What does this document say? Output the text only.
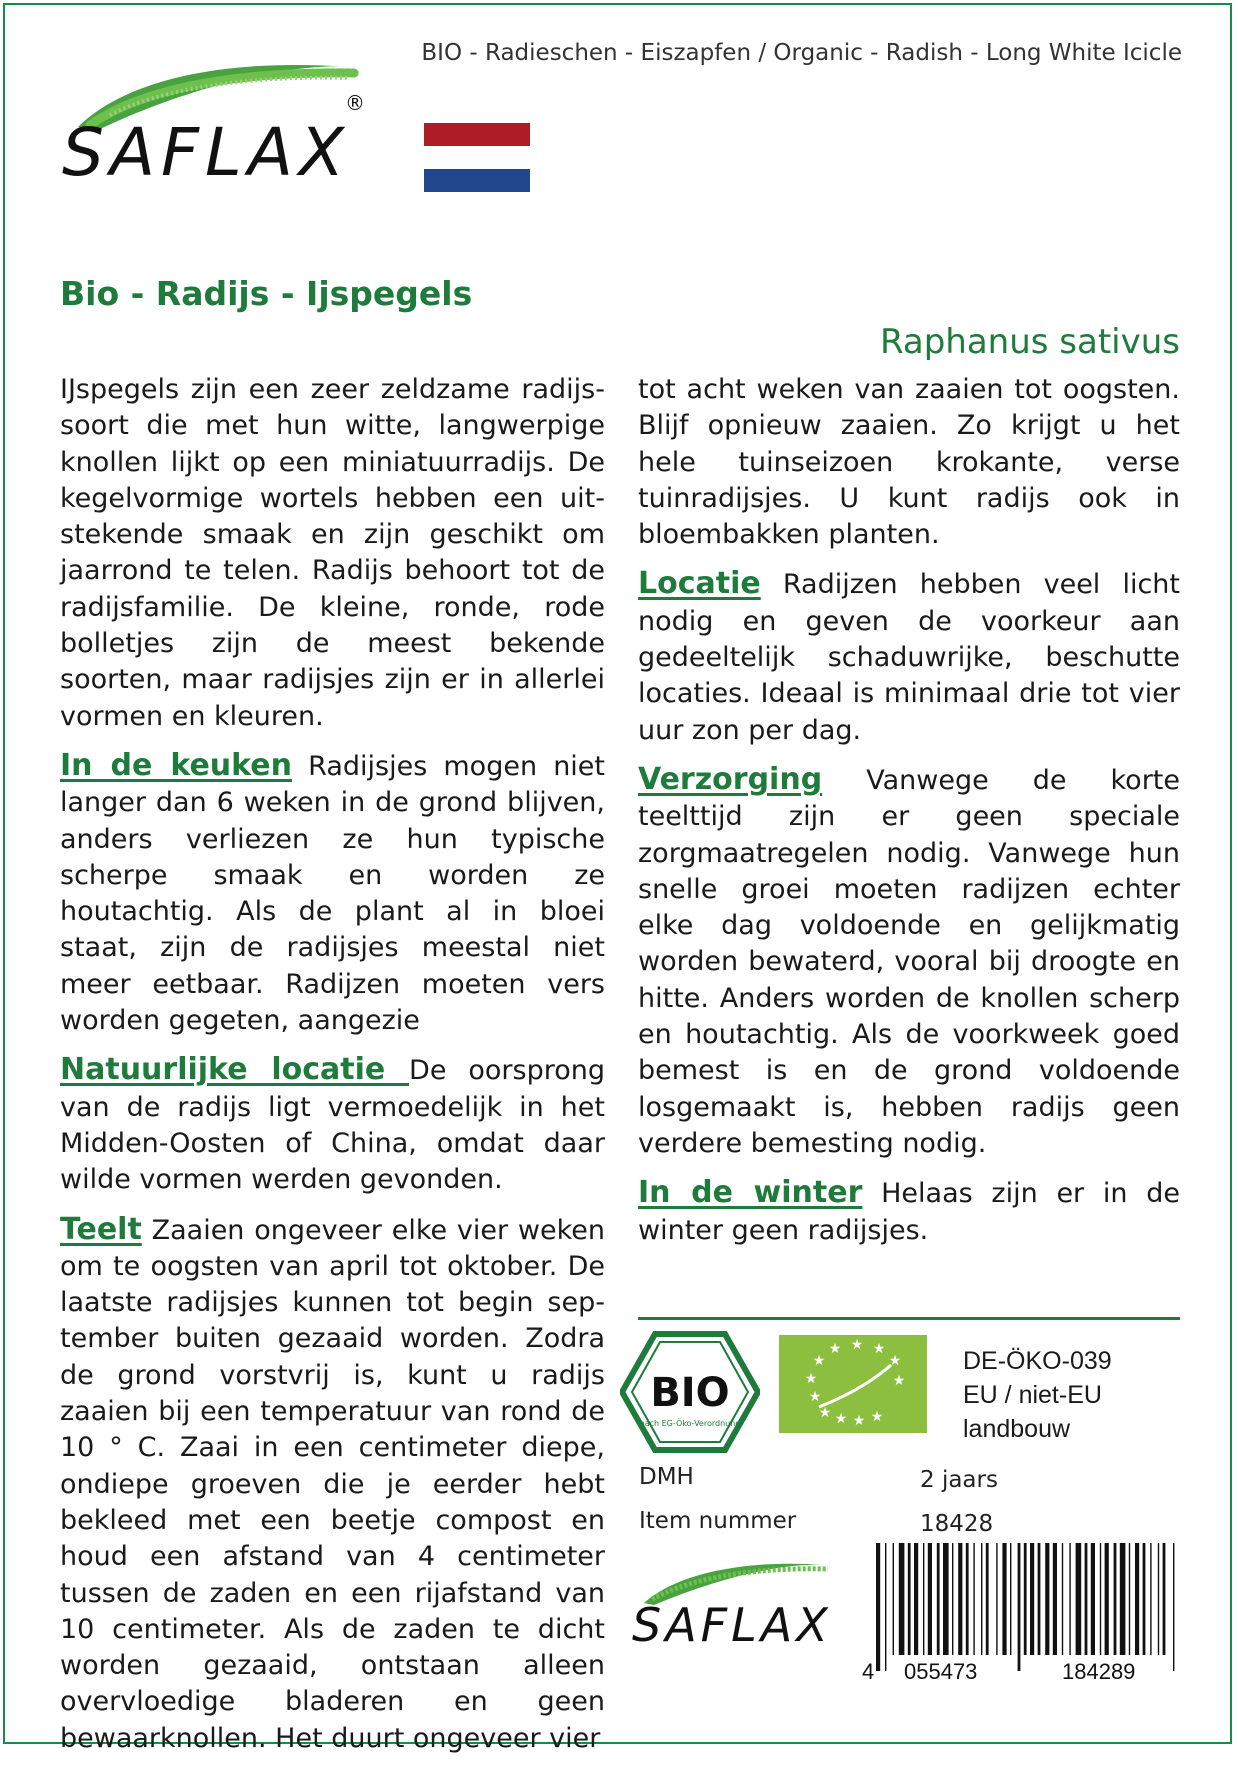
BIO - Radieschen - Eiszapfen / Organic - Radish - Long White Icicle
SAFLAX
®
Bio - Radijs - Ijspegels
Raphanus sativus

IJspegels zijn een zeer zeldzame radijssoort die met hun witte, langwerpige knollen lijkt op een miniatuurradijs. De kegelvormige wortels hebben een uitstekende smaak en zijn geschikt om jaarrond te telen. Radijs behoort tot de radijsfamilie. De kleine, ronde, rode bolletjes zijn de meest bekende soorten, maar radijsjes zijn er in allerlei vormen en kleuren.

In de keuken Radijsjes mogen niet langer dan 6 weken in de grond blijven, anders verliezen ze hun typische scherpe smaak en worden ze houtachtig. Als de plant al in bloei staat, zijn de radijsjes meestal niet meer eetbaar. Radijzen moeten vers worden gegeten, aangezie

Natuurlijke locatie De oorsprong van de radijs ligt vermoedelijk in het Midden-Oosten of China, omdat daar wilde vormen werden gevonden.

Teelt Zaaien ongeveer elke vier weken om te oogsten van april tot oktober. De laatste radijsjes kunnen tot begin september buiten gezaaid worden. Zodra de grond vorstvrij is, kunt u radijs zaaien bij een temperatuur van rond de 10 ° C. Zaai in een centimeter diepe, ondiepe groeven die je eerder hebt bekleed met een beetje compost en houd een afstand van 4 centimeter tussen de zaden en een rijafstand van 10 centimeter. Als de zaden te dicht worden gezaaid, ontstaan alleen overvloedige bladeren en geen bewaarknollen. Het duurt ongeveer vier

tot acht weken van zaaien tot oogsten. Blijf opnieuw zaaien. Zo krijgt u het hele tuinseizoen krokante, verse tuinradijsjes. U kunt radijs ook in bloembakken planten.

Locatie Radijzen hebben veel licht nodig en geven de voorkeur aan gedeeltelijk schaduwrijke, beschutte locaties. Ideaal is minimaal drie tot vier uur zon per dag.

Verzorging Vanwege de korte teelttijd zijn er geen speciale zorgmaatregelen nodig. Vanwege hun snelle groei moeten radijzen echter elke dag voldoende en gelijkmatig worden bewaterd, vooral bij droogte en hitte. Anders worden de knollen scherp en houtachtig. Als de voorkweek goed bemest is en de grond voldoende losgemaakt is, hebben radijs geen verdere bemesting nodig.

In de winter Helaas zijn er in de winter geen radijsjes.

BIO
nach EG-Öko-Verordnung
★ ★ ★ ★
★
★
★
★ ★ ★
★
★
DE-ÖKO-039
EU / niet-EU
landbouw
DMH	2 jaars
Item nummer	18428
SAFLAX
4 055473	184289
